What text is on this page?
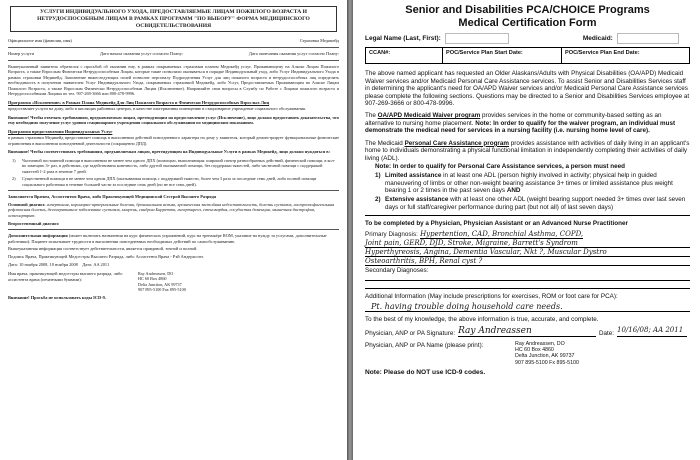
УСЛУГИ ИНДИВИДУАЛЬНОГО УХОДА, ПРЕДОСТАВЛЯЕМЫЕ ЛИЦАМ ПОЖИЛОГО ВОЗРАСТА И НЕТРУДОСПОСОБНЫМ ЛИЦАМ В РАМКАХ ПРОГРАММ "ПО ВЫБОРУ" ФОРМА МЕДИЦИНСКОГО ОСВИДЕТЕЛЬСТВОВАНИЯ
Официальное имя (фамилия, имя)	Страховка Медикейд
Номер услуги	Дата начала оказания услуг согласно Плану:	Дата окончания оказания услуг согласно Плану:

Вышеуказанный заявитель обратился с просьбой об оказании ему, в рамках покрываемых страховым планом Медикейд услуг, Проживающему на Аляске Лицам Пожилого Возраста, а также Взрослым Физически Нетрудоспособным Лицам, которые такие позволили оказываться в порядке Индивидуальный уход, либо Услуг Индивидуального Ухода в рамках страховки Медикейд. Заполнение нижеследующих полей позволит персоналу Подразделения Услуг для лиц пожилого возраста и нетрудоспособных лиц определить необходимость в получении заявителем Услуг Индивидуального Ухода, покрываемых страховкой Медикейд, либо Услуг, Предоставляемых Проживающим на Аляске Лицам Пожилого Возраста, а также Взрослым Физически Нетрудоспособным Лицам (Исключение). Направляйте свои вопросы в Службу по Работе с Лицами пожилого возраста и Нетрудоспособными Лицами по тел. 907-269-3666 или 800-478-9996.

Программа «Исключение» в Рамках Плана Медикейд Для Лиц Пожилого Возраста и Физически Нетрудоспособных Взрослых Лиц

предоставляет услуги на дому, либо в кислящих районных центрах, в качестве альтернативы помещению в стационарное учреждение социального обслуживания.

Внимание! Чтобы отвечать требованиям, предъявляемым лицам, претендующим на предоставление услуг (Исключение), лицо должно предоставить доказательства, что ему необходимо получение услуг уровня стационарного учреждения социального обслуживания по медицинским показаниям.

Программа предоставления Индивидуальных Услуг

в рамках страховки Медикейд предоставляет помощь в выполнении действий повседневного характера на дому у заявителя, который демонстрирует функциональные физические ограничения в выполнении повседневной деятельности (сокращенно ДПД).

Внимание! Чтобы соответствовать требованиям, предъявляемым лицам, претендующим на Индивидуальные Услуги в рамках Медикейд, лицо должно нуждаться в:

1)	Частичной постоянной помощи в выполнении не менее чем одного ДПХ (помощью, выполняющая: широкий спектр разнообразных действий, физической помощи, в кол-во замещать 3+ раз, в действиях, где задействована конечность, либо другой оказываемой помощи, без поддержки тяжестей, либо частичной помощи с поддержкой тяжестей 1-2 раза в течение 7 дней.
2)	Существенной помощи в не менее чем одном ДПХ (оказываемая помощь с поддержкой тяжести, более чем 3 раза за последние семь дней, либо полной помощи социального работника в течение большей части за последние семь дней (но не все семь дней).
Заполняется Врачом, Ассистентом Врача, либо Практикующей Медицинской Сестрой Высшего Разряда
Основной диагноз: гипертония, коронарно-артериальные болезни, бронхиальная астма, хроническая застойная недостаточность, болезнь суставов, гастроэзофагеальная рефлюксная болезнь, дегенеративное заболевание суставов, мигрень, синдром Барретта, гипертиреоз, стенокардия, сосудистая деменция, мышечная дистрофия, остеоартрит.
Второстепенный диагноз:
Дополнительная информация (может включать назначения на курс физических упражнений, курс на тренажёре ROM, указание на нужду за услугами, дополнительные работники): Пациент испытывает трудности в выполнении повседневных необходимых действий по самообслуживанию.
Вышеуказанная информация соответствует действительности, является правдивой, точной и полной.
Подпись Врача, Практикующей Медсестры Высшего Разряда, либо Ассистента Врача - Рэй Андерассен.
Дата: 10 ноября 2008, 10 ноября 2008 Дата: AA 2011
Имя врача, практикующей медсестры высшего разряда, либо ассистента врача (печатными буквами):
Ray Andreassen, DO
HC 60 Box 4860
Delta Junction, AK 99737
907 895-5100 Fax 895-5100
Внимание! Просьба не использовать коды ICD-9.
Senior and Disabilities PCA/CHOICE Programs
Medical Certification Form
Legal Name (Last, First):	Medicaid:
CCAN#:	POC/Service Plan Start Date:	POC/Service Plan End Date:

The above named applicant has requested an Older Alaskans/Adults with Physical Disabilities (OA/APD) Medicaid Waiver services and/or Medicaid Personal Care Assistance services. To assist Senior and Disabilities Services staff in determining the applicant's need for OA/APD Waiver services and/or Medicaid Personal Care Assistance services please complete the following sections. Questions may be directed to a Senior and Disabilities Services employee at 907-269-3666 or 800-478-9996.

The OA/APD Medicaid Waiver program provides services in the home or community-based setting as an alternative to nursing home placement. Note: In order to qualify for the waiver program, an individual must demonstrate the medical need for services in a nursing facility (i.e. nursing home level of care).

The Medicaid Personal Care Assistance program provides assistance with activities of daily living in an applicant's home to individuals demonstrating a physical functional limitation in independently completing their activities of daily living (ADL).
Note: In order to qualify for Personal Care Assistance services, a person must need

1) Limited assistance in at least one ADL (person highly involved in activity; physical help in guided maneuvering of limbs or other non-weight bearing assistance 3+ times or limited assistance plus weight bearing 1 or 2 times in the past seven days AND
2) Extensive assistance with at least one other ADL (weight bearing support needed 3+ times over last seven days or full staff/caregiver performance during part (but not all) of last seven days)
To be completed by a Physician, Physician Assistant or an Advanced Nurse Practitioner
Primary Diagnosis: Hypertention, CAD, Bronchial Asthma, COPD,
Joint pain, GERD, DJD, Stroke, Migraine, Barrett's Syndrom
Hyperthyreosis, Angina, Dementia Vascular, Nkt ?, Muscular Dystro
Osteoarthritis, BPH, Renal cyst ?
Secondary Diagnoses:
Additional Information (May include prescriptions for exercises, ROM or foot care for PCA):
Pt. having trouble doing household care needs.
To the best of my knowledge, the above information is true, accurate, and complete.
Physician, ANP or PA Signature: Ray Andreassen	Date: 10/16/08; AA 2011
Physician, ANP or PA Name (please print):	Ray Andreassen, DO
HC 60 Box 4860
Delta Junction, AK 99737
907 895-5100 Fx 895-5100
Note: Please do NOT use ICD-9 codes.
